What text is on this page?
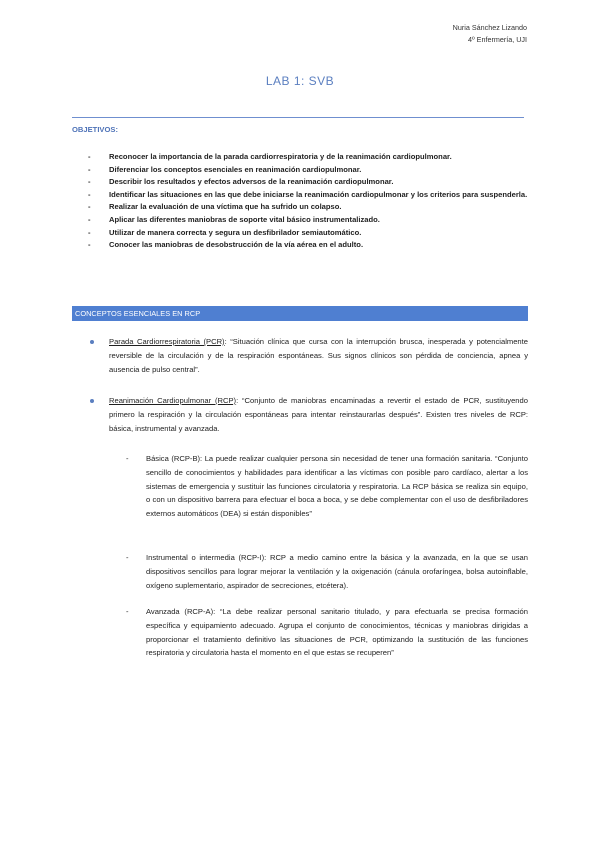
Nuria Sánchez Lizando
4º Enfermería, UJI
LAB 1: SVB
OBJETIVOS:
- Reconocer la importancia de la parada cardiorrespiratoria y de la reanimación cardiopulmonar.
- Diferenciar los conceptos esenciales en reanimación cardiopulmonar.
- Describir los resultados y efectos adversos de la reanimación cardiopulmonar.
- Identificar las situaciones en las que debe iniciarse la reanimación cardiopulmonar y los criterios para suspenderla.
- Realizar la evaluación de una víctima que ha sufrido un colapso.
- Aplicar las diferentes maniobras de soporte vital básico instrumentalizado.
- Utilizar de manera correcta y segura un desfibrilador semiautomático.
- Conocer las maniobras de desobstrucción de la vía aérea en el adulto.
CONCEPTOS ESENCIALES EN RCP
Parada Cardiorrespiratoria (PCR): “Situación clínica que cursa con la interrupción brusca, inesperada y potencialmente reversible de la circulación y de la respiración espontáneas. Sus signos clínicos son pérdida de conciencia, apnea y ausencia de pulso central”.
Reanimación Cardiopulmonar (RCP): “Conjunto de maniobras encaminadas a revertir el estado de PCR, sustituyendo primero la respiración y la circulación espontáneas para intentar reinstaurarlas después”. Existen tres niveles de RCP: básica, instrumental y avanzada.
- Básica (RCP-B): La puede realizar cualquier persona sin necesidad de tener una formación sanitaria. “Conjunto sencillo de conocimientos y habilidades para identificar a las víctimas con posible paro cardíaco, alertar a los sistemas de emergencia y sustituir las funciones circulatoria y respiratoria. La RCP básica se realiza sin equipo, o con un dispositivo barrera para efectuar el boca a boca, y se debe complementar con el uso de desfibriladores externos automáticos (DEA) si están disponibles”
- Instrumental o intermedia (RCP-I): RCP a medio camino entre la básica y la avanzada, en la que se usan dispositivos sencillos para lograr mejorar la ventilación y la oxigenación (cánula orofaríngea, bolsa autoinflable, oxígeno suplementario, aspirador de secreciones, etcétera).
- Avanzada (RCP-A): “La debe realizar personal sanitario titulado, y para efectuarla se precisa formación específica y equipamiento adecuado. Agrupa el conjunto de conocimientos, técnicas y maniobras dirigidas a proporcionar el tratamiento definitivo las situaciones de PCR, optimizando la sustitución de las funciones respiratoria y circulatoria hasta el momento en el que estas se recuperen”
